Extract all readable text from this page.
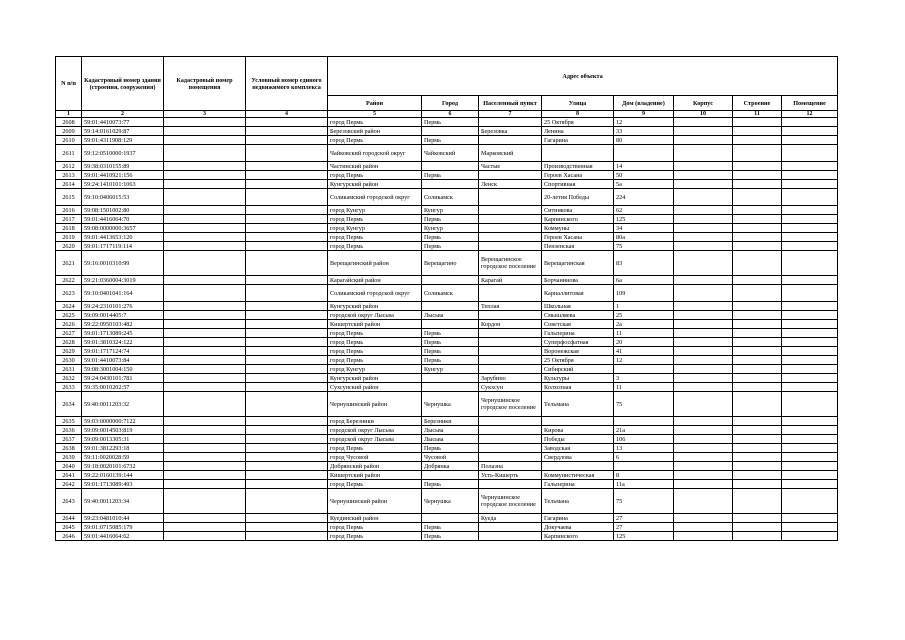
N п/п	Кадастровый номер здания (строения, сооружения)	Кадастровый номер помещения	Условный номер единого недвижимого комплекса	Адрес объекта							
				Район	Город	Населенный пункт	Улица	Дом (владение)	Корпус	Строение	Помещение
1	2	3	4	5	6	7	8	9	10	11	12
2608	59:01:4410073:77			город Пермь	Пермь		25 Октября	12			
2609	59:14:0161029:87			Березовский район		Березовка	Ленина	33			
2610	59:01:4311908:129			город Пермь	Пермь		Гагарина	80			
2611	59:12:0510000:1937			Чайковский городской округ	Чайковский	Марковский					
2612	59:38:0310155:89			Частинский район		Частые	Производственная	14			
2613	59:01:4410921:156			город Пермь	Пермь		Героев Хасана	50			
2614	59:24:1410101:1063			Кунгурский район		Ленск	Спортивная	5а			
2615	59:10:0406015:53			Соликамский городской округ	Соликамск		20-летия Победы	224			
2616	59:08:1501002:80			город Кунгур	Кунгур		Ситникова	62			
2617	59:01:4416064:70			город Пермь	Пермь		Карпинского	125			
2618	59:08:0000000:3657			город Кунгур	Кунгур		Коммуны	34			
2619	59:01:4413653:120			город Пермь	Пермь		Героев Хасана	80а			
2620	59:01:1717119:114			город Пермь	Пермь		Пензенская	75			
2621	59:16:0010310:99			Верещагинский район	Верещагино	Верещагинское городское поселение	Верещагинская	83			
2622	59:21:0360004:3019			Карагайский район		Карагай	Борчанинова	6а			
2623	59:10:0401041:164			Соликамский городской округ	Соликамск		Карналлитовая	109			
2624	59:24:2310101:276			Кунгурский район		Теплая	Школьная	1			
2625	59:09:0014405:7			городской округ Лысьва	Лысьва		Смышляева	25			
2626	59:22:0950103:482			Кишертский район		Кордон	Советская	2а			
2627	59:01:1713089:245			город Пермь	Пермь		Гальперина	11			
2628	59:01:3810324:122			город Пермь	Пермь		Суперфосфатная	20			
2629	59:01:1717124:74			город Пермь	Пермь		Воронежская	41			
2630	59:01:4410073:84			город Пермь	Пермь		25 Октября	12			
2631	59:08:3001004:150			город Кунгур	Кунгур		Сибирский				
2632	59:24:0430101:781			Кунгурский район		Зарубино	Культуры	3			
2633	59:35:0010202:57			Сухсунский район		Сукхсун	Колхозная	11			
2634	59:40:0011203:32			Чернушинский район	Чернушка	Чернушинское городское поселение	Тельмана	75			
2635	59:03:0000000:7122			город Березники	Березники						
2636	59:09:0014503:819			городской округ Лысьва	Лысьва		Кирова	21а			
2637	59:09:0013305:31			городской округ Лысьва	Лысьва		Победы	106			
2638	59:01:3812293:18			город Пермь	Пермь		Заводская	13			
2639	59:11:0020028:59			город Чусовой	Чусовой		Свердлова	6			
2640	59:18:0020101:6732			Добрянский район	Добрянка	Полазна					
2641	59:22:0160139:144			Кишертский район		Усть-Кишерть	Коммунистическая	8			
2642	59:01:1713089:493			город Пермь	Пермь		Гальперина	11а			
2643	59:40:0011203:34			Чернушинский район	Чернушка	Чернушинское городское поселение	Тельмана	75			
2644	59:23:0481010:44			Куединский район		Куеда	Гагарина	27			
2645	59:01:0715085:179			город Пермь	Пермь		Докучаева	27			
2646	59:01:4416064:62			город Пермь	Пермь		Карпинского	125			
